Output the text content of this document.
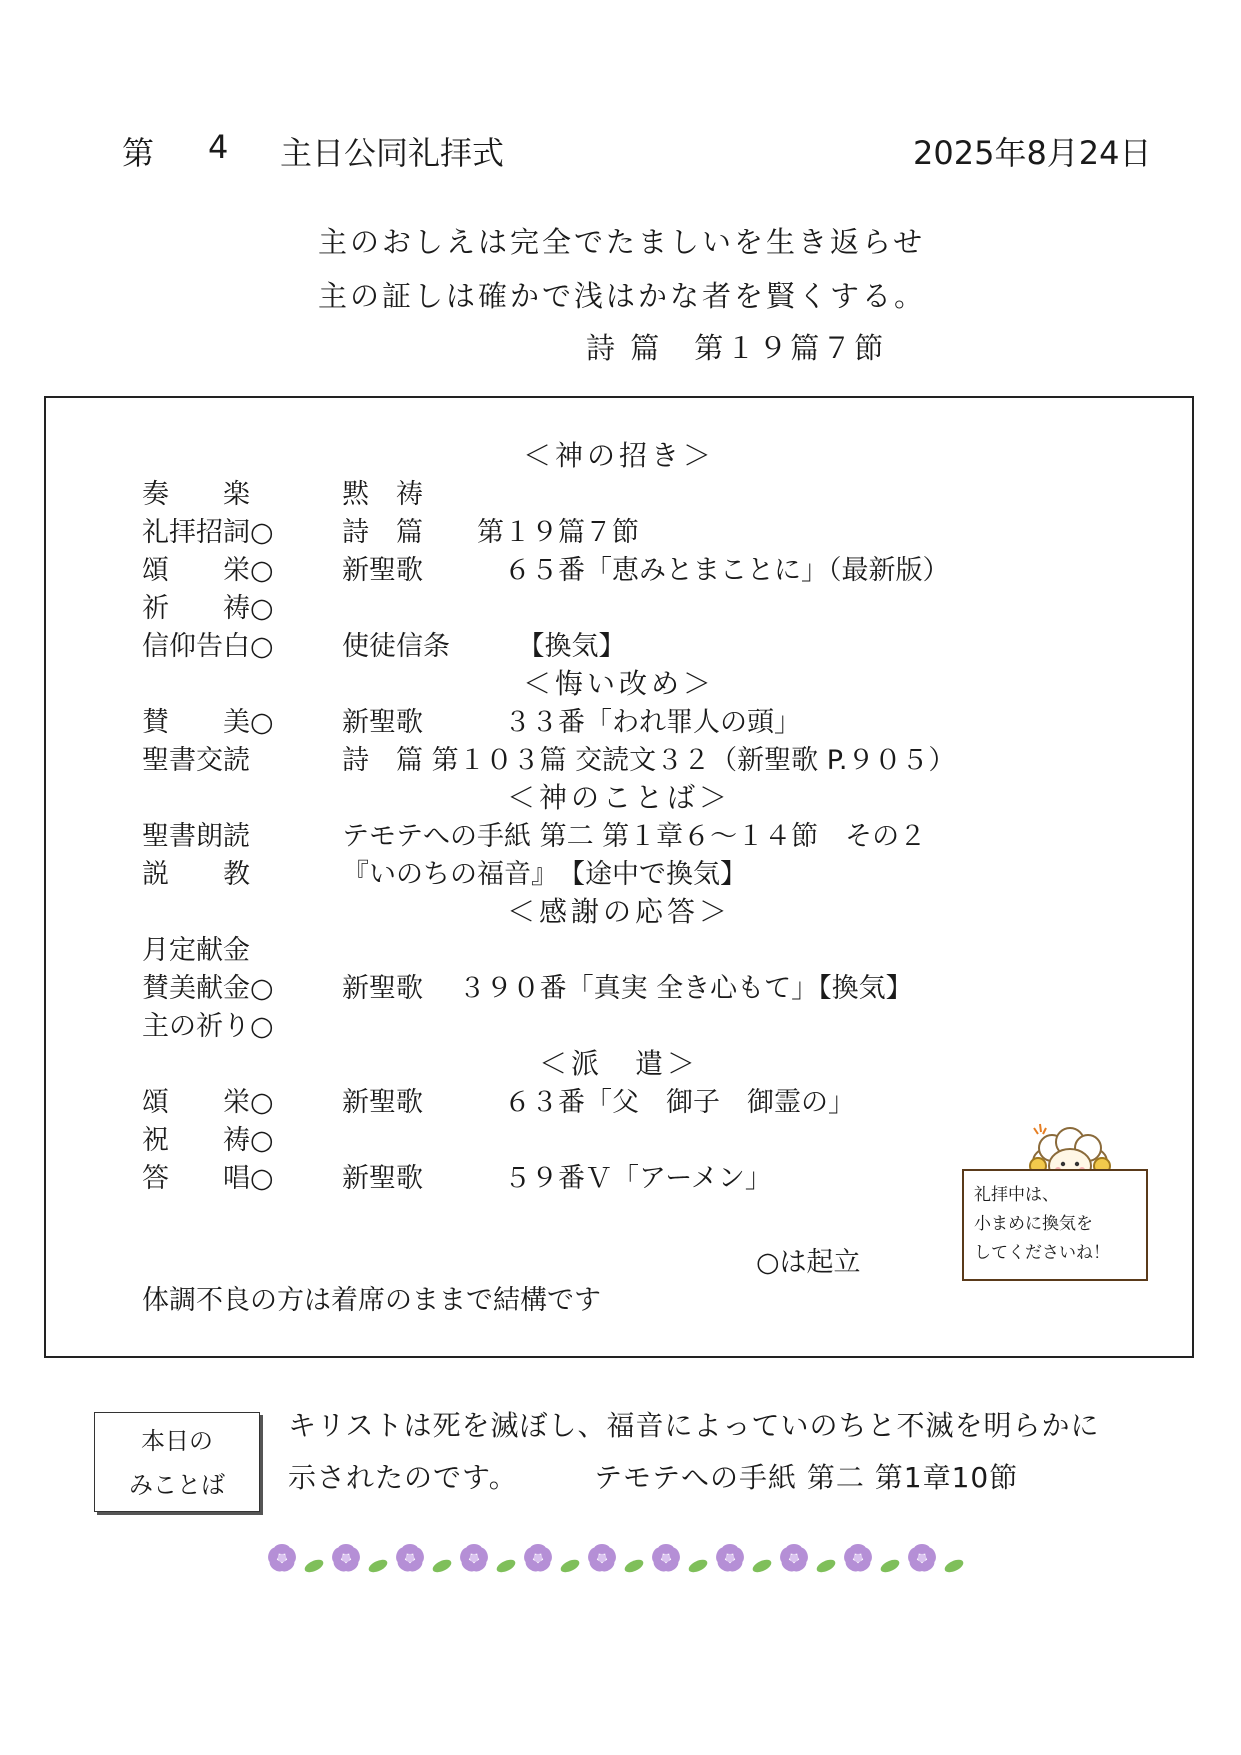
第 4 主日公同礼拝式	2025年8月24日
主のおしえは完全でたましいを生き返らせ
主の証しは確かで浅はかな者を賢くする。
詩 篇　第１９篇７節
＜神の招き＞
奏　　楽	黙　祷
礼拝招詞○	詩　篇　　第１９篇７節
頌　　栄○	新聖歌　　　６５番「恵みとまことに」（最新版）
祈　　祷○
信仰告白○	使徒信条　　　【換気】
＜悔い改め＞
賛　　美○	新聖歌　　　３３番「われ罪人の頭」
聖書交読	詩　篇 第１０３篇 交読文３２（新聖歌 P.９０５）
＜神のことば＞
聖書朗読	テモテへの手紙 第二 第１章６～１４節　その２
説　　教	『いのちの福音』　【途中で換気】
＜感謝の応答＞
月定献金
賛美献金○	新聖歌　 ３９０番「真実 全き心もて」【換気】
主の祈り○
＜派　遣＞
頌　　栄○	新聖歌　　　６３番「父　御子　御霊の」
祝　　祷○
答　　唱○	新聖歌　　　５９番Ｖ「アーメン」
○は起立
体調不良の方は着席のままで結構です
礼拝中は、
小まめに換気を
してくださいね！
本日の
みことば
キリストは死を滅ぼし、福音によっていのちと不滅を明らかに
示されたのです。	テモテへの手紙 第二 第1章10節
